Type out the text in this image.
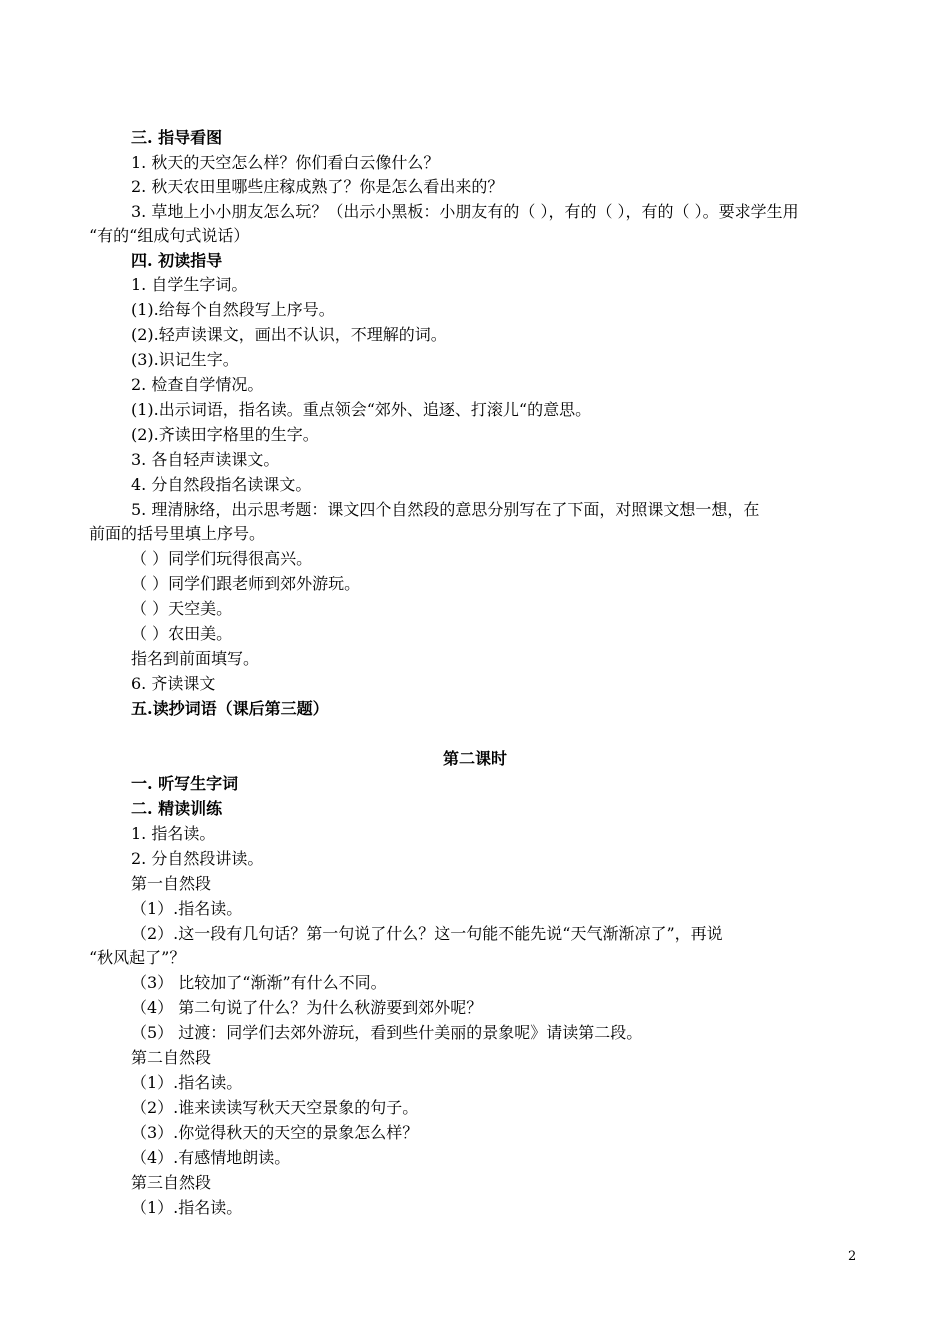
三. 指导看图
1. 秋天的天空怎么样？你们看白云像什么？
2. 秋天农田里哪些庄稼成熟了？你是怎么看出来的？
3. 草地上小小朋友怎么玩？（出示小黑板：小朋友有的（ ），有的（ ），有的（ ）。要求学生用
“有的“组成句式说话）
四. 初读指导
1. 自学生字词。
(1).给每个自然段写上序号。
(2).轻声读课文，画出不认识，不理解的词。
(3).识记生字。
2. 检查自学情况。
(1).出示词语，指名读。重点领会“郊外、追逐、打滚儿“的意思。
(2).齐读田字格里的生字。
3. 各自轻声读课文。
4. 分自然段指名读课文。
5. 理清脉络，出示思考题：课文四个自然段的意思分别写在了下面，对照课文想一想，在
前面的括号里填上序号。
（ ）同学们玩得很高兴。
（ ）同学们跟老师到郊外游玩。
（ ）天空美。
（ ）农田美。
指名到前面填写。
6. 齐读课文
五.读抄词语（课后第三题）
第二课时
一. 听写生字词
二. 精读训练
1. 指名读。
2. 分自然段讲读。
第一自然段
（1）.指名读。
（2）.这一段有几句话？第一句说了什么？这一句能不能先说“天气渐渐凉了”，再说
“秋风起了”？
（3） 比较加了“渐渐”有什么不同。
（4） 第二句说了什么？为什么秋游要到郊外呢？
（5） 过渡：同学们去郊外游玩，看到些什美丽的景象呢》请读第二段。
第二自然段
（1）.指名读。
（2）.谁来读读写秋天天空景象的句子。
（3）.你觉得秋天的天空的景象怎么样？
（4）.有感情地朗读。
第三自然段
（1）.指名读。
2
